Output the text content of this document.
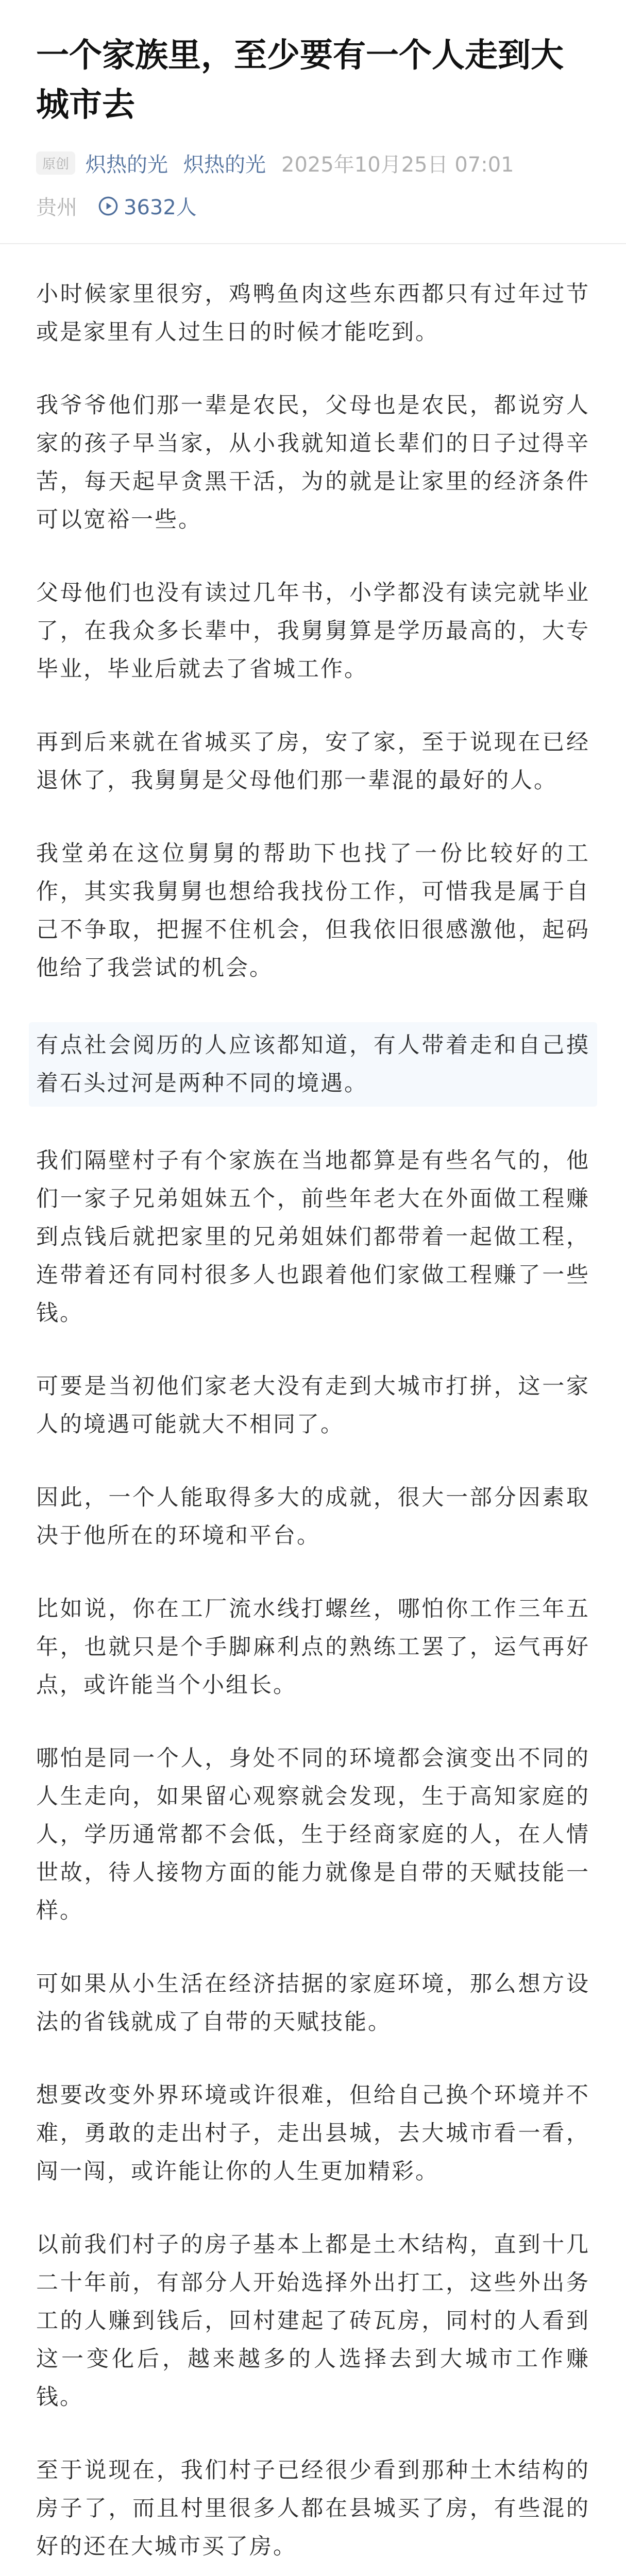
一个家族里，至少要有一个人走到大城市去
原创 炽热的光 炽热的光 2025年10月25日 07:01
贵州 3632人

小时候家里很穷，鸡鸭鱼肉这些东西都只有过年过节或是家里有人过生日的时候才能吃到。

我爷爷他们那一辈是农民，父母也是农民，都说穷人家的孩子早当家，从小我就知道长辈们的日子过得辛苦，每天起早贪黑干活，为的就是让家里的经济条件可以宽裕一些。

父母他们也没有读过几年书，小学都没有读完就毕业了，在我众多长辈中，我舅舅算是学历最高的，大专毕业，毕业后就去了省城工作。

再到后来就在省城买了房，安了家，至于说现在已经退休了，我舅舅是父母他们那一辈混的最好的人。

我堂弟在这位舅舅的帮助下也找了一份比较好的工作，其实我舅舅也想给我找份工作，可惜我是属于自己不争取，把握不住机会，但我依旧很感激他，起码他给了我尝试的机会。

有点社会阅历的人应该都知道，有人带着走和自己摸着石头过河是两种不同的境遇。

我们隔壁村子有个家族在当地都算是有些名气的，他们一家子兄弟姐妹五个，前些年老大在外面做工程赚到点钱后就把家里的兄弟姐妹们都带着一起做工程，连带着还有同村很多人也跟着他们家做工程赚了一些钱。

可要是当初他们家老大没有走到大城市打拼，这一家人的境遇可能就大不相同了。

因此，一个人能取得多大的成就，很大一部分因素取决于他所在的环境和平台。

比如说，你在工厂流水线打螺丝，哪怕你工作三年五年，也就只是个手脚麻利点的熟练工罢了，运气再好点，或许能当个小组长。

哪怕是同一个人，身处不同的环境都会演变出不同的人生走向，如果留心观察就会发现，生于高知家庭的人，学历通常都不会低，生于经商家庭的人，在人情世故，待人接物方面的能力就像是自带的天赋技能一样。

可如果从小生活在经济拮据的家庭环境，那么想方设法的省钱就成了自带的天赋技能。

想要改变外界环境或许很难，但给自己换个环境并不难，勇敢的走出村子，走出县城，去大城市看一看，闯一闯，或许能让你的人生更加精彩。

以前我们村子的房子基本上都是土木结构，直到十几二十年前，有部分人开始选择外出打工，这些外出务工的人赚到钱后，回村建起了砖瓦房，同村的人看到这一变化后，越来越多的人选择去到大城市工作赚钱。

至于说现在，我们村子已经很少看到那种土木结构的房子了，而且村里很多人都在县城买了房，有些混的好的还在大城市买了房。
